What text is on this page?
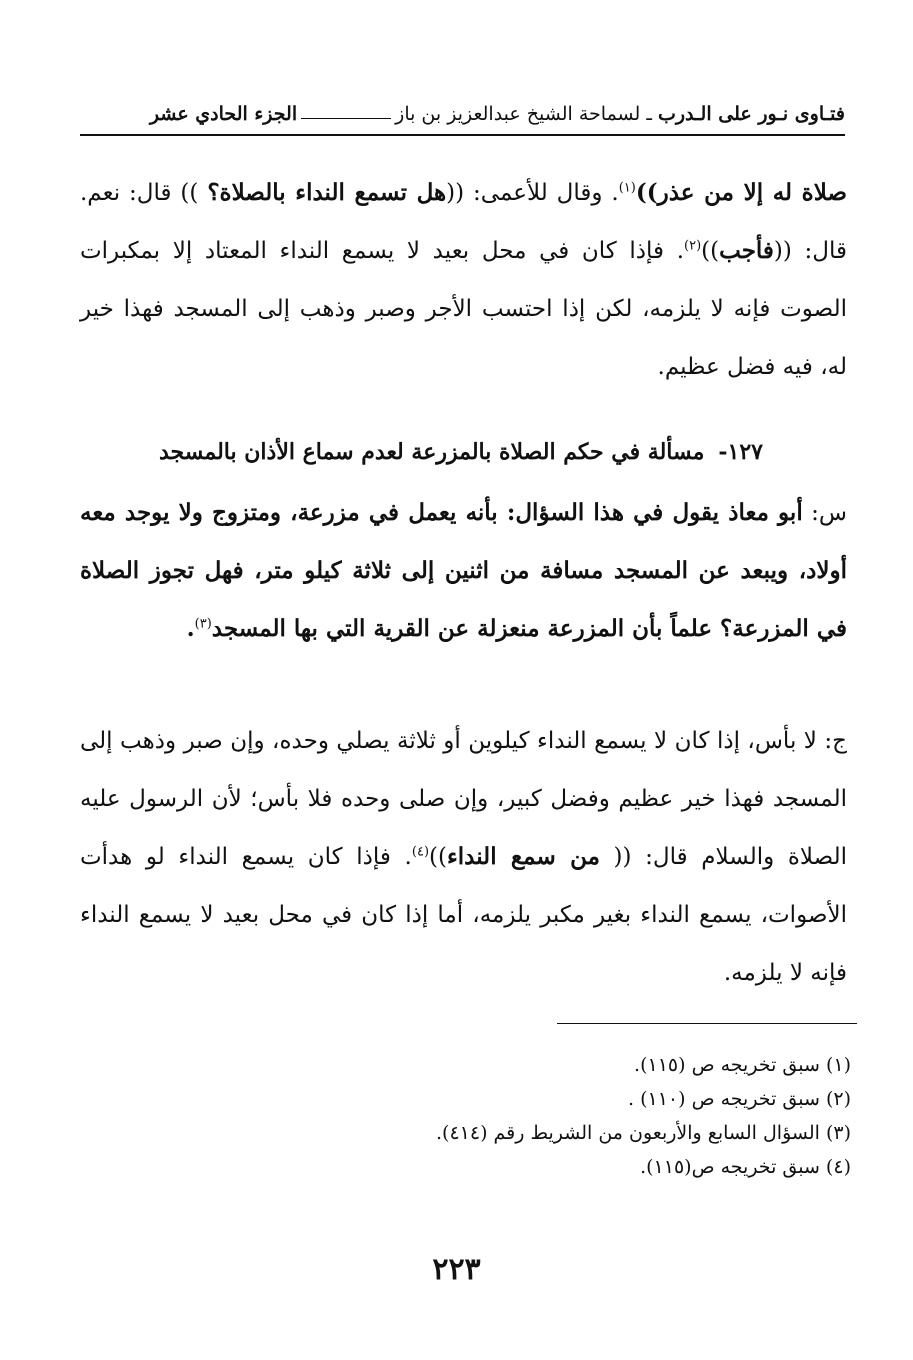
فتـاوى نـور على الـدرب
ـ
لسماحة الشيخ عبدالعزيز بن باز
الجزء الحادي عشر
صلاة له إلا من عذر))$^{(١)}$. وقال للأعمى: ((هل تسمع النداء بالصلاة؟ )) قال: نعم. قال: ((فأجب))$^{(٢)}$. فإذا كان في محل بعيد لا يسمع النداء المعتاد إلا بمكبرات الصوت فإنه لا يلزمه، لكن إذا احتسب الأجر وصبر وذهب إلى المسجد فهذا خير له، فيه فضل عظيم.
١٢٧-مسألة في حكم الصلاة بالمزرعة لعدم سماع الأذان بالمسجد
س: أبو معاذ يقول في هذا السؤال: بأنه يعمل في مزرعة، ومتزوج ولا يوجد معه أولاد، ويبعد عن المسجد مسافة من اثنين إلى ثلاثة كيلو متر، فهل تجوز الصلاة في المزرعة؟ علماً بأن المزرعة منعزلة عن القرية التي بها المسجد$^{(٣)}$.
ج: لا بأس، إذا كان لا يسمع النداء كيلوين أو ثلاثة يصلي وحده، وإن صبر وذهب إلى المسجد فهذا خير عظيم وفضل كبير، وإن صلى وحده فلا بأس؛ لأن الرسول عليه الصلاة والسلام قال: (( من سمع النداء))$^{(٤)}$. فإذا كان يسمع النداء لو هدأت الأصوات، يسمع النداء بغير مكبر يلزمه، أما إذا كان في محل بعيد لا يسمع النداء فإنه لا يلزمه.
(١) سبق تخريجه ص (١١٥).
(٢) سبق تخريجه ص (١١٠) .
(٣) السؤال السابع والأربعون من الشريط رقم (٤١٤).
(٤) سبق تخريجه ص(١١٥).
٢٢٣
